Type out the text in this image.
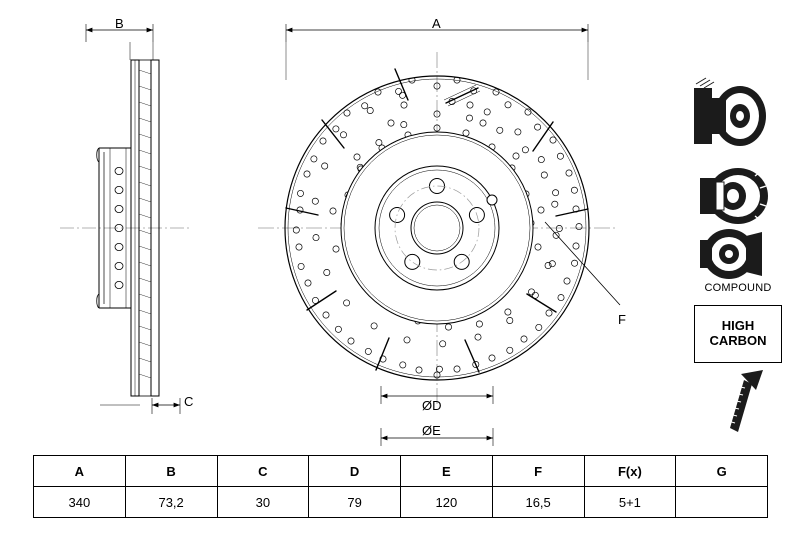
B	A
C	ØD
ØE
F
COMPOUND
HIGH
CARBON
A	B	C	D	E	F	F(x)	G
340	73,2	30	79	120	16,5	5+1	
